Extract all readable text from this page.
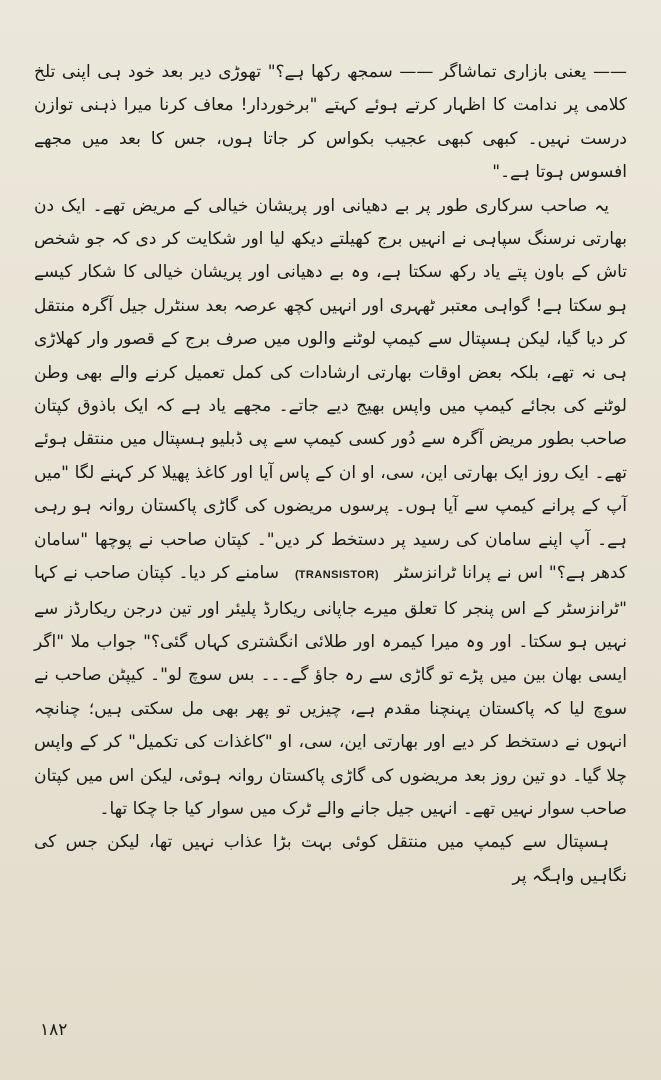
—— یعنی بازاری تماشاگر —— سمجھ رکھا ہے؟" تھوڑی دیر بعد خود ہی اپنی تلخ کلامی پر ندامت کا اظہار کرتے ہوئے کہتے "برخوردار! معاف کرنا میرا ذہنی توازن درست نہیں۔ کبھی کبھی عجیب بکواس کر جاتا ہوں، جس کا بعد میں مجھے افسوس ہوتا ہے۔"

یہ صاحب سرکاری طور پر بے دھیانی اور پریشان خیالی کے مریض تھے۔ ایک دن بھارتی نرسنگ سپاہی نے انہیں برج کھیلتے دیکھ لیا اور شکایت کر دی کہ جو شخص تاش کے باون پتے یاد رکھ سکتا ہے، وہ بے دھیانی اور پریشان خیالی کا شکار کیسے ہو سکتا ہے! گواہی معتبر ٹھہری اور انہیں کچھ عرصہ بعد سنٹرل جیل آگرہ منتقل کر دیا گیا، لیکن ہسپتال سے کیمپ لوٹنے والوں میں صرف برج کے قصور وار کھلاڑی ہی نہ تھے، بلکہ بعض اوقات بھارتی ارشادات کی کمل تعمیل کرنے والے بھی وطن لوٹنے کی بجائے کیمپ میں واپس بھیج دیے جاتے۔ مجھے یاد ہے کہ ایک باذوق کپتان صاحب بطور مریض آگرہ سے دُور کسی کیمپ سے پی ڈبلیو ہسپتال میں منتقل ہوئے تھے۔ ایک روز ایک بھارتی این، سی، او ان کے پاس آیا اور کاغذ پھیلا کر کہنے لگا "میں آپ کے پرانے کیمپ سے آیا ہوں۔ پرسوں مریضوں کی گاڑی پاکستان روانہ ہو رہی ہے۔ آپ اپنے سامان کی رسید پر دستخط کر دیں"۔ کپتان صاحب نے پوچھا "سامان کدھر ہے؟" اس نے پرانا ٹرانزسٹر (TRANSISTOR) سامنے کر دیا۔ کپتان صاحب نے کہا "ٹرانزسٹر کے اس پنجر کا تعلق میرے جاپانی ریکارڈ پلیئر اور تین درجن ریکارڈز سے نہیں ہو سکتا۔ اور وہ میرا کیمرہ اور طلائی انگشتری کہاں گئی؟" جواب ملا "اگر ایسی بھان بین میں پڑے تو گاڑی سے رہ جاؤ گے۔۔۔ بس سوچ لو"۔ کیپٹن صاحب نے سوچ لیا کہ پاکستان پہنچنا مقدم ہے، چیزیں تو پھر بھی مل سکتی ہیں؛ چنانچہ انہوں نے دستخط کر دیے اور بھارتی این، سی، او "کاغذات کی تکمیل" کر کے واپس چلا گیا۔ دو تین روز بعد مریضوں کی گاڑی پاکستان روانہ ہوئی، لیکن اس میں کپتان صاحب سوار نہیں تھے۔ انہیں جیل جانے والے ٹرک میں سوار کیا جا چکا تھا۔

ہسپتال سے کیمپ میں منتقل کوئی بہت بڑا عذاب نہیں تھا، لیکن جس کی نگاہیں واہگہ پر

۱۸۲
